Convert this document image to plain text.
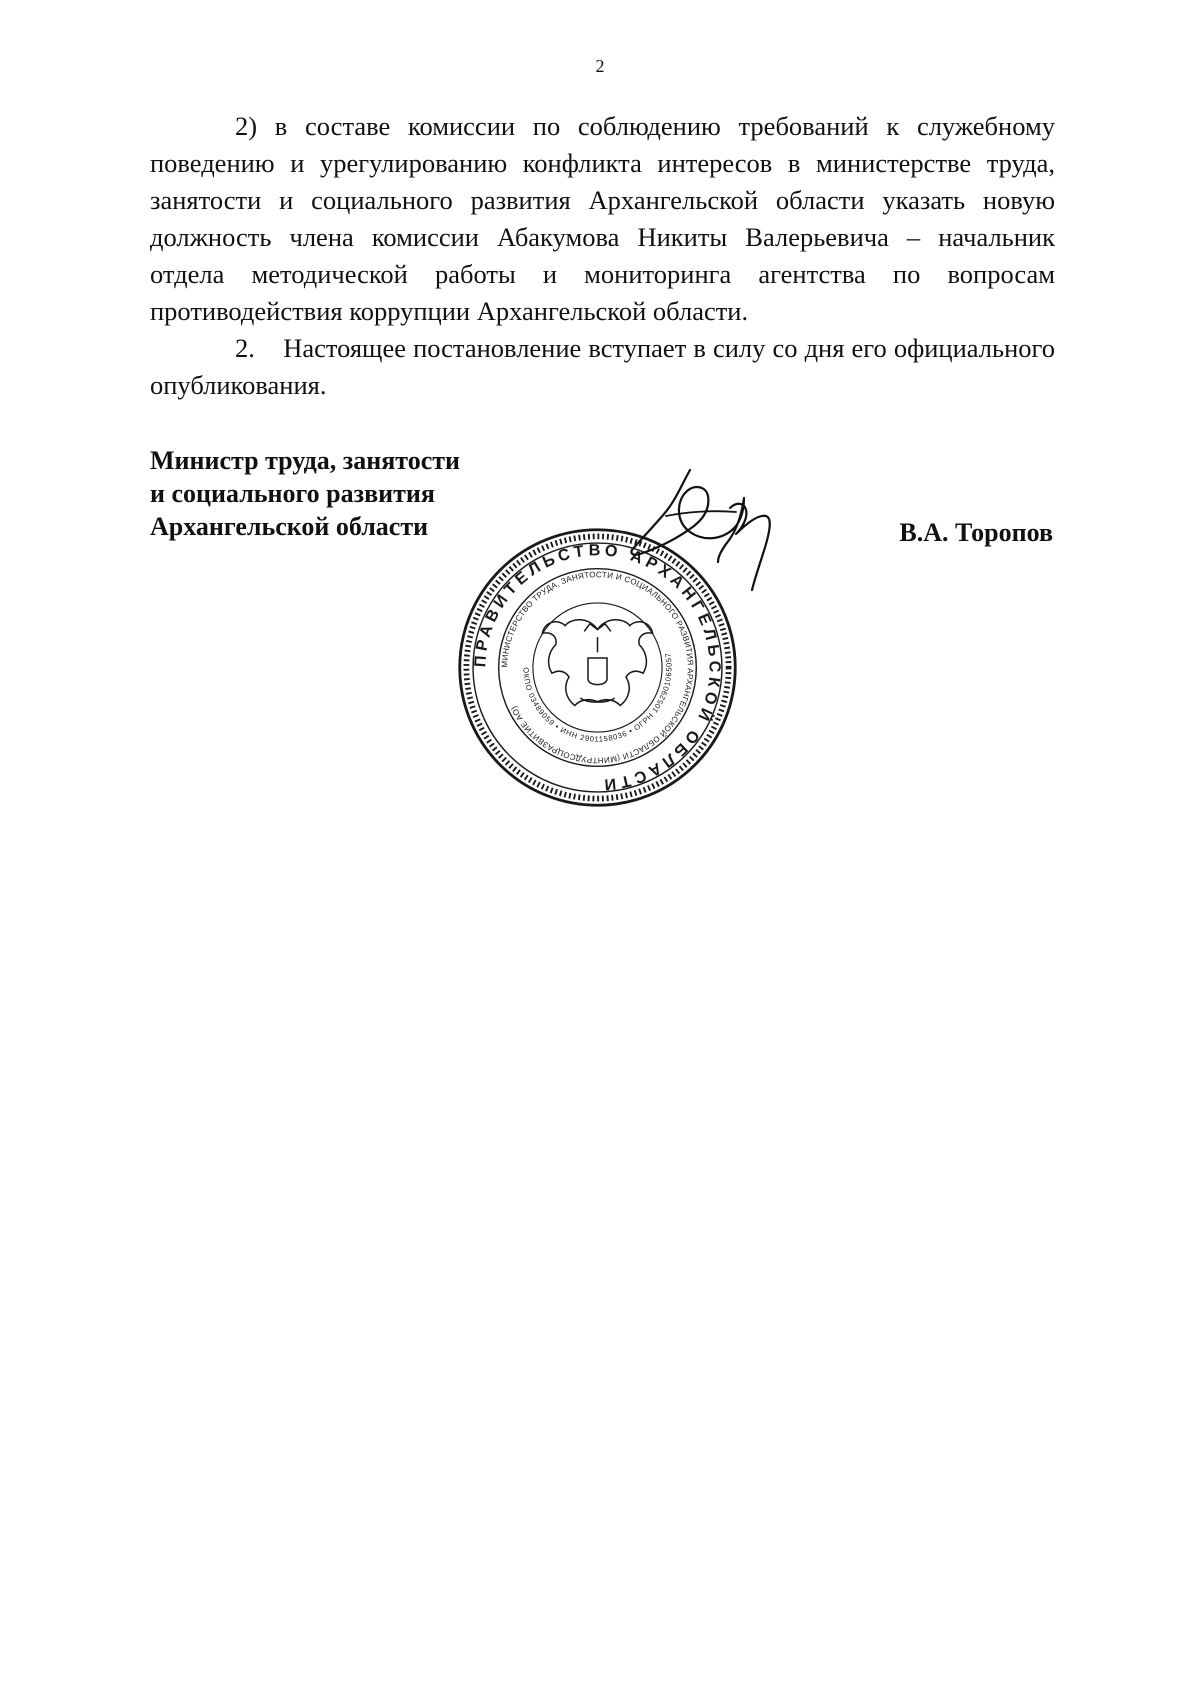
2

2) в составе комиссии по соблюдению требований к служебному поведению и урегулированию конфликта интересов в министерстве труда, занятости и социального развития Архангельской области указать новую должность члена комиссии Абакумова Никиты Валерьевича – начальник отдела методической работы и мониторинга агентства по вопросам противодействия коррупции Архангельской области.

2.    Настоящее постановление вступает в силу со дня его официального опубликования.

Министр труда, занятости
и социального развития
Архангельской области	В.А. Торопов
ПРАВИТЕЛЬСТВО АРХАНГЕЛЬСКОЙ ОБЛАСТИ
МИНИСТЕРСТВО ТРУДА, ЗАНЯТОСТИ И СОЦИАЛЬНОГО РАЗВИТИЯ АРХАНГЕЛЬСКОЙ ОБЛАСТИ (МИНТРУДСОЦРАЗВИТИЕ АО)
ОКПО 03489059 • ИНН 2901158036 • ОГРН 1052901065057
